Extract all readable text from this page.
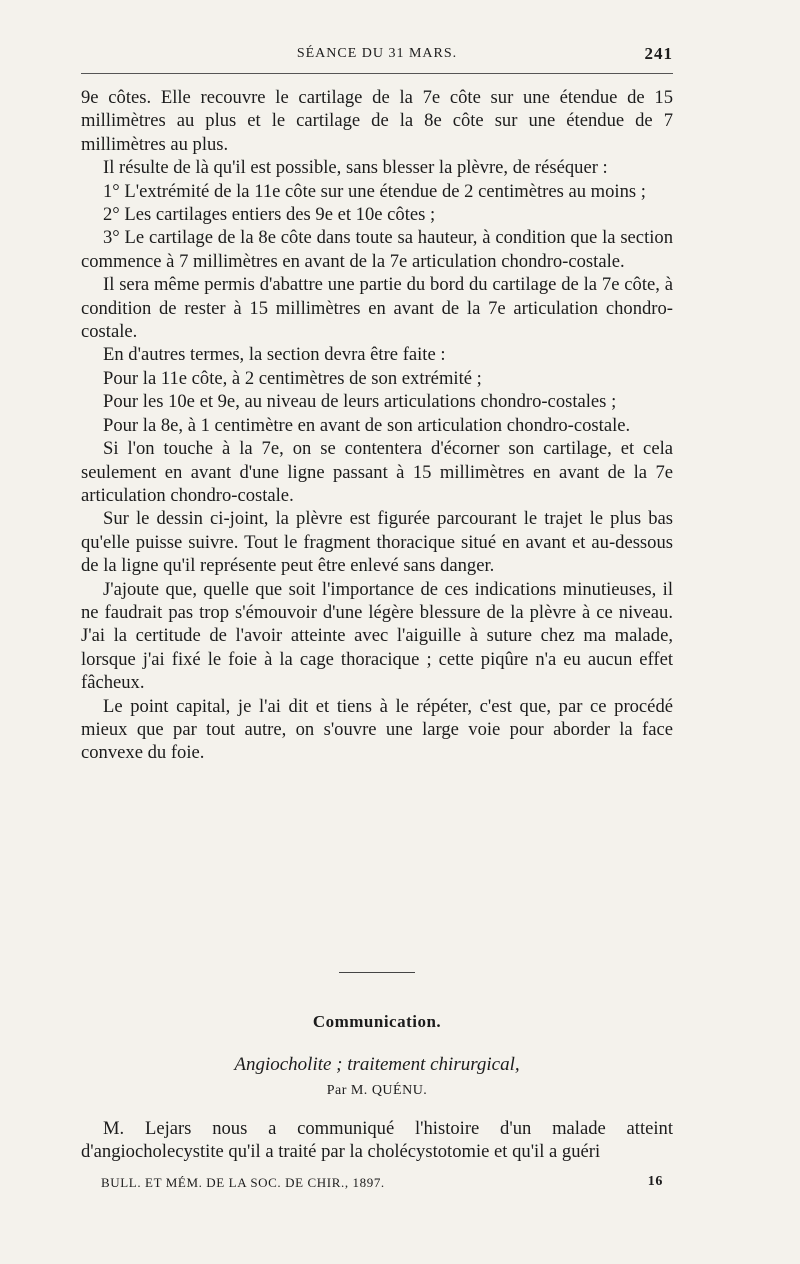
SÉANCE DU 31 MARS.	241

9e côtes. Elle recouvre le cartilage de la 7e côte sur une étendue de 15 millimètres au plus et le cartilage de la 8e côte sur une étendue de 7 millimètres au plus.

Il résulte de là qu'il est possible, sans blesser la plèvre, de réséquer :

1° L'extrémité de la 11e côte sur une étendue de 2 centimètres au moins ;

2° Les cartilages entiers des 9e et 10e côtes ;

3° Le cartilage de la 8e côte dans toute sa hauteur, à condition que la section commence à 7 millimètres en avant de la 7e articulation chondro-costale.

Il sera même permis d'abattre une partie du bord du cartilage de la 7e côte, à condition de rester à 15 millimètres en avant de la 7e articulation chondro-costale.

En d'autres termes, la section devra être faite :

Pour la 11e côte, à 2 centimètres de son extrémité ;

Pour les 10e et 9e, au niveau de leurs articulations chondro-costales ;

Pour la 8e, à 1 centimètre en avant de son articulation chondro-costale.

Si l'on touche à la 7e, on se contentera d'écorner son cartilage, et cela seulement en avant d'une ligne passant à 15 millimètres en avant de la 7e articulation chondro-costale.

Sur le dessin ci-joint, la plèvre est figurée parcourant le trajet le plus bas qu'elle puisse suivre. Tout le fragment thoracique situé en avant et au-dessous de la ligne qu'il représente peut être enlevé sans danger.

J'ajoute que, quelle que soit l'importance de ces indications minutieuses, il ne faudrait pas trop s'émouvoir d'une légère blessure de la plèvre à ce niveau. J'ai la certitude de l'avoir atteinte avec l'aiguille à suture chez ma malade, lorsque j'ai fixé le foie à la cage thoracique ; cette piqûre n'a eu aucun effet fâcheux.

Le point capital, je l'ai dit et tiens à le répéter, c'est que, par ce procédé mieux que par tout autre, on s'ouvre une large voie pour aborder la face convexe du foie.

Communication.
Angiocholite ; traitement chirurgical,
Par M. QUÉNU.

M. Lejars nous a communiqué l'histoire d'un malade atteint d'angiocholecystite qu'il a traité par la cholécystotomie et qu'il a guéri

BULL. ET MÉM. DE LA SOC. DE CHIR., 1897.	16
